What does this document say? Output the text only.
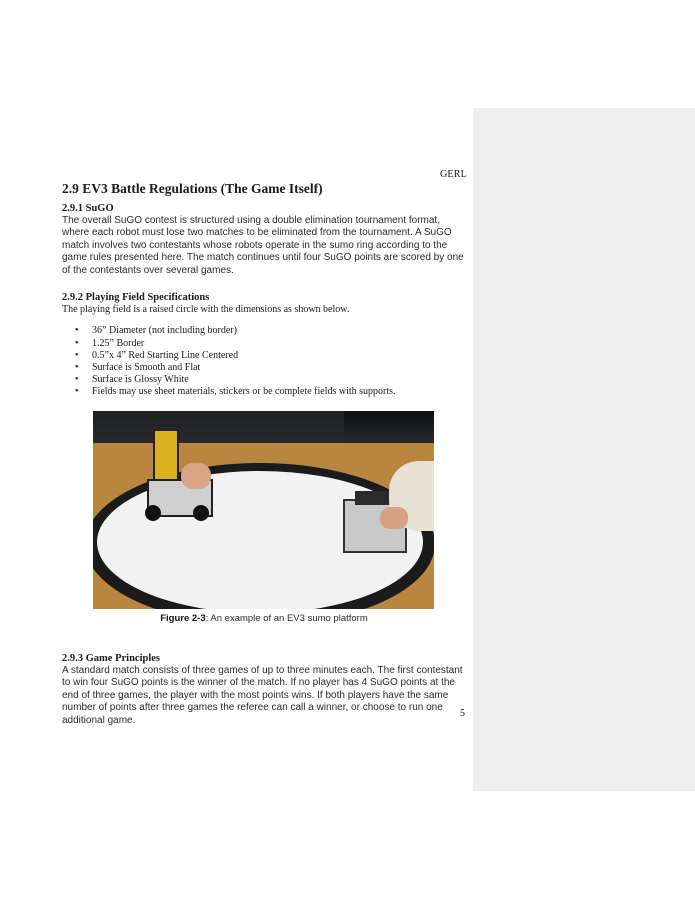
GERL
2.9 EV3 Battle Regulations (The Game Itself)
2.9.1 SuGO

The overall SuGO contest is structured using a double elimination tournament format, where each robot must lose two matches to be eliminated from the tournament. A SuGO match involves two contestants whose robots operate in the sumo ring according to the game rules presented here. The match continues until four SuGO points are scored by one of the contestants over several games.

2.9.2 Playing Field Specifications

The playing field is a raised circle with the dimensions as shown below.

• 36” Diameter (not including border)
• 1.25” Border
• 0.5”x 4” Red Starting Line Centered
• Surface is Smooth and Flat
• Surface is Glossy White
• Fields may use sheet materials, stickers or be complete fields with supports.
Figure 2-3: An example of an EV3 sumo platform
2.9.3 Game Principles

A standard match consists of three games of up to three minutes each. The first contestant to win four SuGO points is the winner of the match. If no player has 4 SuGO points at the end of three games, the player with the most points wins. If both players have the same number of points after three games the referee can call a winner, or choose to run one additional game.

5
